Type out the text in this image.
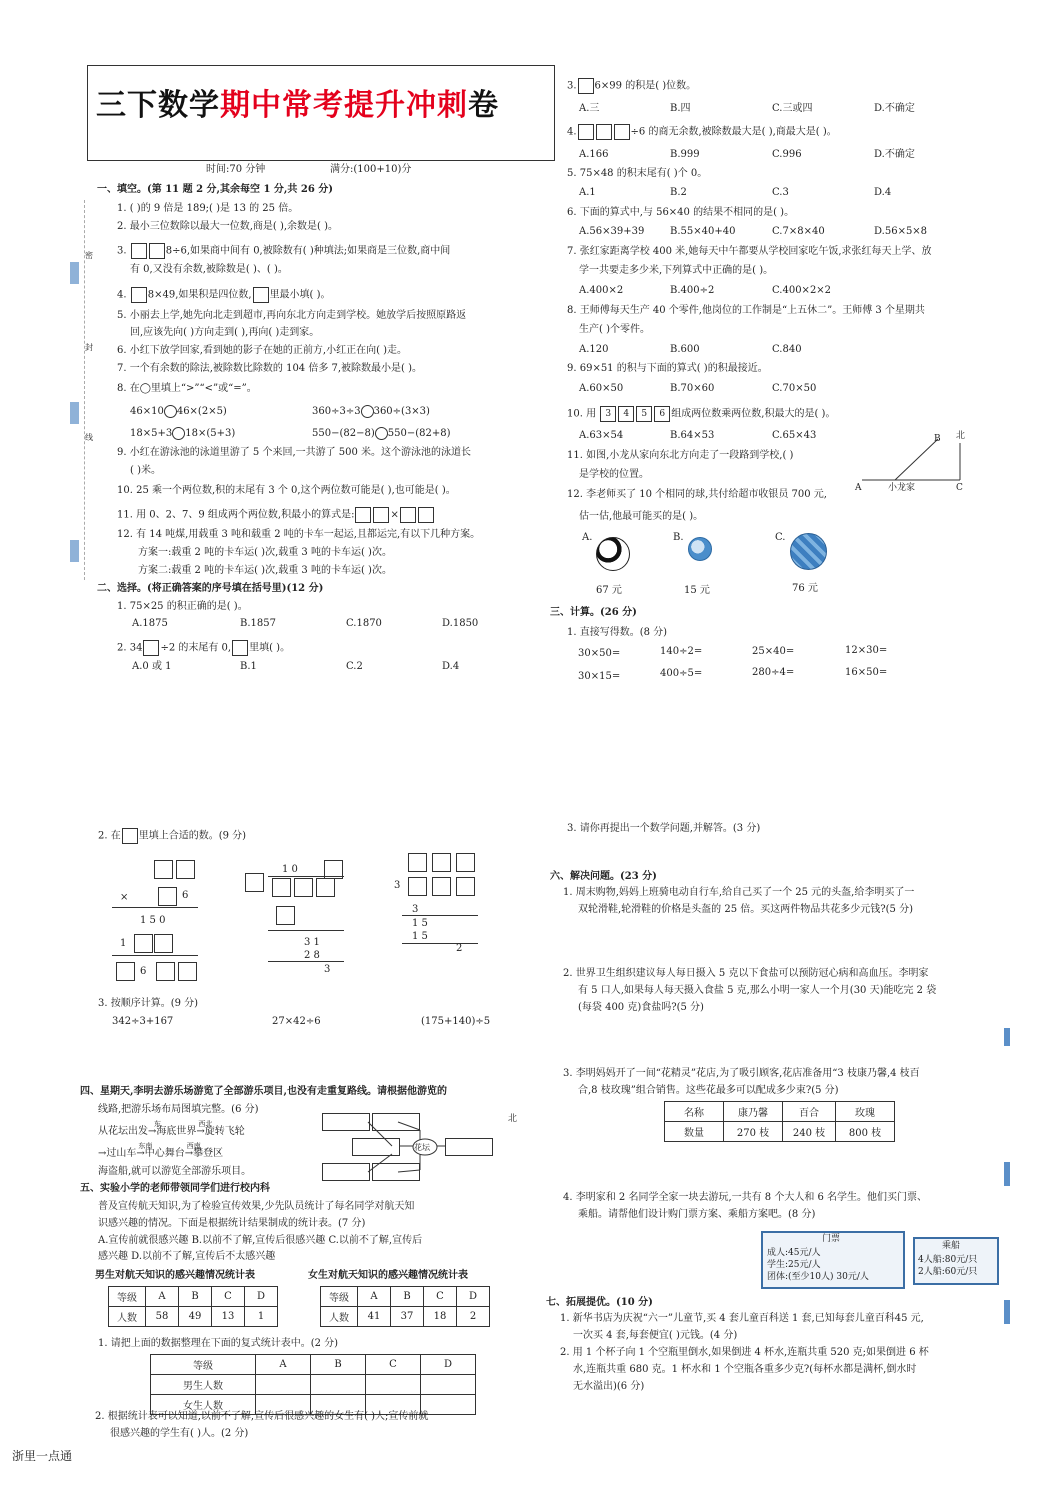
三下数学期中常考提升冲刺卷
时间:70 分钟	满分:(100+10)分
密
封
线
一、填空。(第 11 题 2 分,其余每空 1 分,共 26 分)
1. ( )的 9 倍是 189;( )是 13 的 25 倍。
2. 最小三位数除以最大一位数,商是( ),余数是( )。
3.	8÷6,如果商中间有 0,被除数有( )种填法;如果商是三位数,商中间
有 0,又没有余数,被除数是( )、( )。
4. 8×49,如果积是四位数, 里最小填( )。
5. 小丽去上学,她先向北走到超市,再向东北方向走到学校。她放学后按照原路返
回,应该先向( )方向走到( ),再向( )走到家。
6. 小红下放学回家,看到她的影子在她的正前方,小红正在向( )走。
7. 一个有余数的除法,被除数比除数的 104 倍多 7,被除数最小是( )。
8. 在◯里填上“>”“<”或“=”。
46×10 46×(2×5)	360÷3÷3 360÷(3×3)
18×5+3 18×(5+3)	550−(82−8) 550−(82+8)
9. 小红在游泳池的泳道里游了 5 个来回,一共游了 500 米。这个游泳池的泳道长
( )米。
10. 25 乘一个两位数,积的末尾有 3 个 0,这个两位数可能是( ),也可能是( )。
11. 用 0、2、7、9 组成两个两位数,积最小的算式是:	×
12. 有 14 吨煤,用载重 3 吨和载重 2 吨的卡车一起运,且都运完,有以下几种方案。
方案一:载重 2 吨的卡车运( )次,载重 3 吨的卡车运( )次。
方案二:载重 2 吨的卡车运( )次,载重 3 吨的卡车运( )次。
二、选择。(将正确答案的序号填在括号里)(12 分)
1. 75×25 的积正确的是( )。
A.1875	B.1857	C.1870	D.1850
2. 34 ÷2 的末尾有 0, 里填( )。
A.0 或 1	B.1	C.2	D.4
3. 6×99 的积是( )位数。
A.三	B.四	C.三或四	D.不确定
4.	÷6 的商无余数,被除数最大是( ),商最大是( )。
A.166	B.999	C.996	D.不确定
5. 75×48 的积末尾有( )个 0。
A.1	B.2	C.3	D.4
6. 下面的算式中,与 56×40 的结果不相同的是( )。
A.56×39+39	B.55×40+40	C.7×8×40	D.56×5×8
7. 张红家距离学校 400 米,她每天中午都要从学校回家吃午饭,求张红每天上学、放
学一共要走多少米,下列算式中正确的是( )。
A.400×2	B.400÷2	C.400×2×2
8. 王师傅每天生产 40 个零件,他岗位的工作制是“上五休二”。王师傅 3 个星期共
生产( )个零件。
A.120	B.600	C.840
9. 69×51 的积与下面的算式( )的积最接近。
A.60×50	B.70×60	C.70×50
10. 用 3 4 5 6 组成两位数乘两位数,积最大的是( )。
A.63×54	B.64×53	C.65×43
11. 如图,小龙从家向东北方向走了一段路到学校,( )
是学校的位置。
B 北
A	小龙家	C
12. 李老师买了 10 个相同的球,共付给超市收银员 700 元,
估一估,他最可能买的是( )。
A.
67 元
B.
15 元
C.
76 元
三、计算。(26 分)
1. 直接写得数。(8 分)
30×50=	140÷2=	25×40=	12×30=
30×15=	400÷5=	280÷4=	16×50=
2. 在 里填上合适的数。(9 分)
×	6
1 5 0
1
6
1 0
3 1
2 8
3
3
3
1 5
1 5
2
3. 按顺序计算。(9 分)
342÷3+167	27×42÷6	(175+140)÷5
四、星期天,李明去游乐场游览了全部游乐项目,也没有走重复路线。请根据他游览的
线路,把游乐场布局图填完整。(6 分)
从花坛出发
东
→海底世界
西北
→旋转飞轮
→过山车
东南
→中心舞台
西南
→攀登区
海盗船,就可以游览全部游乐项目。
花坛
北
五、实验小学的老师带领同学们进行校内科
普及宣传航天知识,为了检验宣传效果,少先队员统计了每名同学对航天知
识感兴趣的情况。下面是根据统计结果制成的统计表。(7 分)
A.宣传前就很感兴趣 B.以前不了解,宣传后很感兴趣 C.以前不了解,宣传后
感兴趣 D.以前不了解,宣传后不太感兴趣
男生对航天知识的感兴趣情况统计表	女生对航天知识的感兴趣情况统计表
等级	A	B	C	D
人数	58	49	13	1
等级	A	B	C	D
人数	41	37	18	2
1. 请把上面的数据整理在下面的复式统计表中。(2 分)
等级	A	B	C	D
男生人数				
女生人数				
2. 根据统计表可以知道,以前不了解,宣传后很感兴趣的女生有( )人;宣传前就
很感兴趣的学生有( )人。(2 分)
3. 请你再提出一个数学问题,并解答。(3 分)
六、解决问题。(23 分)
1. 周末购物,妈妈上班骑电动自行车,给自己买了一个 25 元的头盔,给李明买了一
双轮滑鞋,轮滑鞋的价格是头盔的 25 倍。买这两件物品共花多少元钱?(5 分)
2. 世界卫生组织建议每人每日摄入 5 克以下食盐可以预防冠心病和高血压。李明家
有 5 口人,如果每人每天摄入食盐 5 克,那么小明一家人一个月(30 天)能吃完 2 袋
(每袋 400 克)食盐吗?(5 分)
3. 李明妈妈开了一间“花精灵”花店,为了吸引顾客,花店准备用“3 枝康乃馨,4 枝百
合,8 枝玫瑰”组合销售。这些花最多可以配成多少束?(5 分)
名称	康乃馨	百合	玫瑰
数量	270 枝	240 枝	800 枝
4. 李明家和 2 名同学全家一块去游玩,一共有 8 个大人和 6 名学生。他们买门票、
乘船。请帮他们设计购门票方案、乘船方案吧。(8 分)
门票
成人:45元/人
学生:25元/人
团体:(至少10人) 30元/人
乘船
4人船:80元/只
2人船:60元/只
七、拓展提优。(10 分)
1. 新华书店为庆祝“六一”儿童节,买 4 套儿童百科送 1 套,已知每套儿童百科45 元,
一次买 4 套,每套便宜( )元钱。(4 分)
2. 用 1 个杯子向 1 个空瓶里倒水,如果倒进 4 杯水,连瓶共重 520 克;如果倒进 6 杯
水,连瓶共重 680 克。1 杯水和 1 个空瓶各重多少克?(每杯水都是满杯,倒水时
无水溢出)(6 分)
浙里一点通
